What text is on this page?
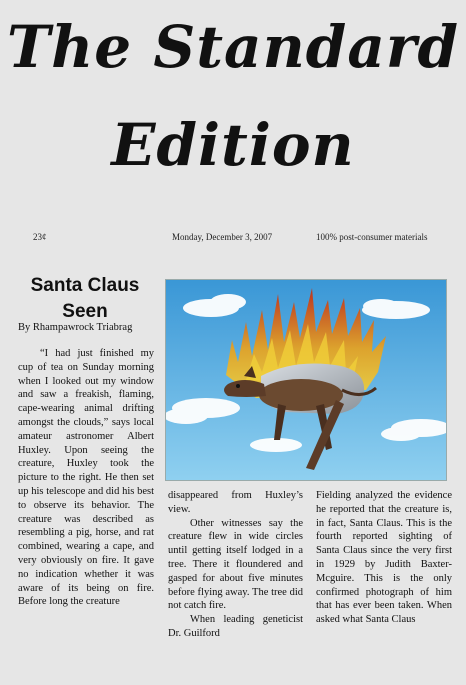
The Standard
Edition
23¢	Monday, December 3, 2007	100% post-consumer materials
Santa Claus Seen
By Rhampawrock Triabrag

“I had just finished my cup of tea on Sunday morning when I looked out my window and saw a freakish, flaming, cape-wearing animal drifting amongst the clouds,” says local amateur astronomer Albert Huxley. Upon seeing the creature, Huxley took the picture to the right. He then set up his telescope and did his best to observe its behavior. The creature was described as resembling a pig, horse, and rat combined, wearing a cape, and very obviously on fire. It gave no indication whether it was aware of its being on fire. Before long the creature

disappeared from Huxley’s view.

Other witnesses say the creature flew in wide circles until getting itself lodged in a tree. There it floundered and gasped for about five minutes before flying away. The tree did not catch fire.

When leading geneticist Dr. Guilford

Fielding analyzed the evidence he reported that the creature is, in fact, Santa Claus. This is the fourth reported sighting of Santa Claus since the very first in 1929 by Judith Baxter-Mcguire. This is the only confirmed photograph of him that has ever been taken. When asked what Santa Claus
